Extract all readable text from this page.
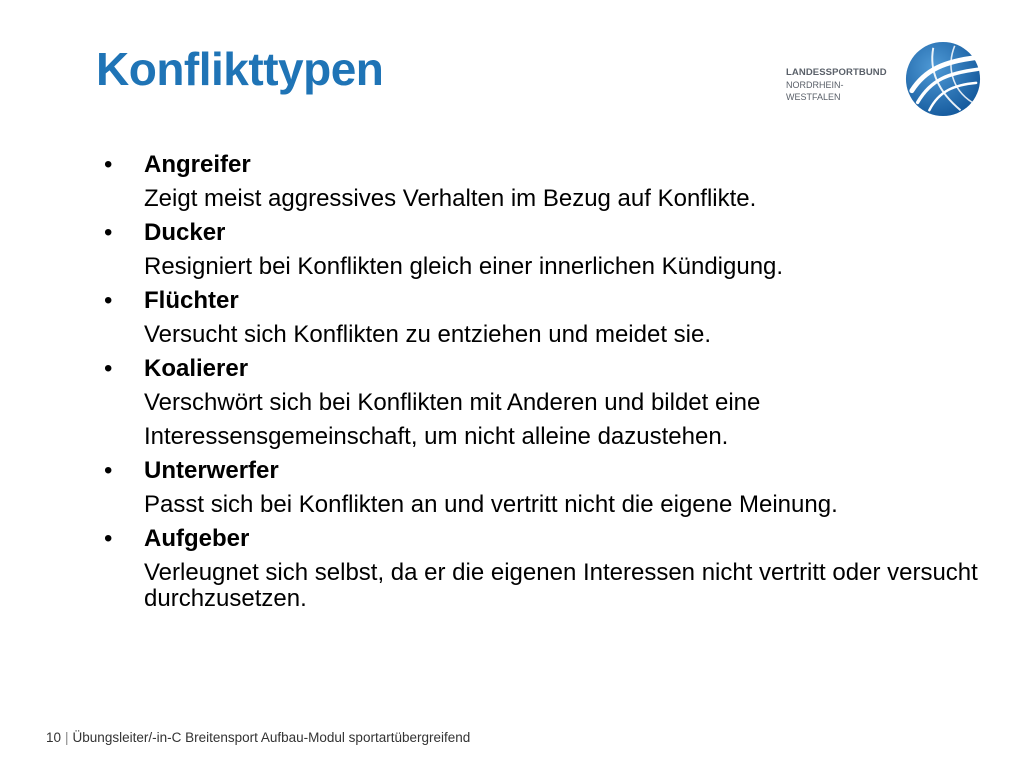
Konflikttypen	LANDESSPORTBUND
NORDRHEIN-WESTFALEN
•	Angreifer
Zeigt meist aggressives Verhalten im Bezug auf Konflikte.
•	Ducker
Resigniert bei Konflikten gleich einer innerlichen Kündigung.
•	Flüchter
Versucht sich Konflikten zu entziehen und meidet sie.
•	Koalierer
Verschwört sich bei Konflikten mit Anderen und bildet eine Interessensgemeinschaft, um nicht alleine dazustehen.
•	Unterwerfer
Passt sich bei Konflikten an und vertritt nicht die eigene Meinung.
•	Aufgeber
Verleugnet sich selbst, da er die eigenen Interessen nicht vertritt oder versucht durchzusetzen.
10 | Übungsleiter/-in-C Breitensport Aufbau-Modul sportartübergreifend
